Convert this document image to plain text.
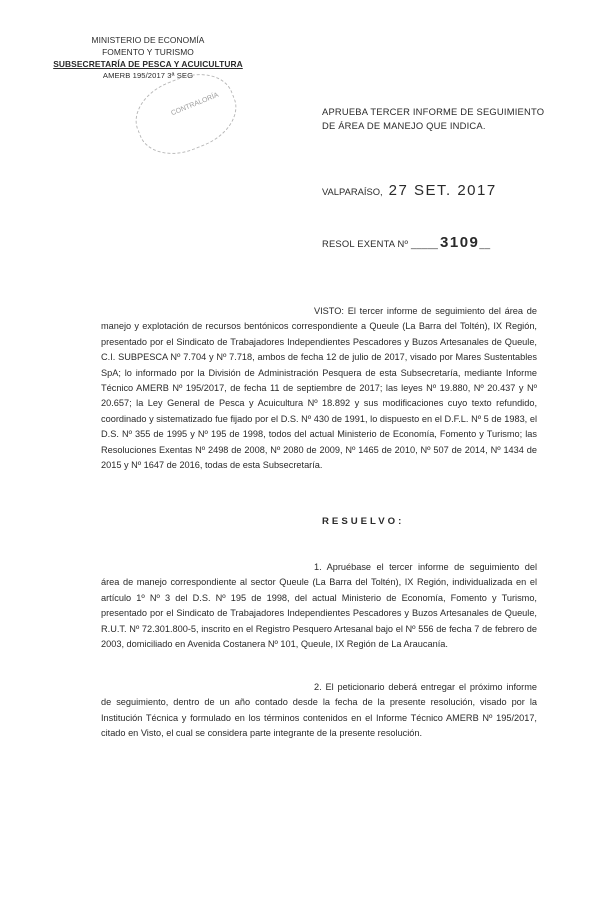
MINISTERIO DE ECONOMÍA
FOMENTO Y TURISMO
SUBSECRETARÍA DE PESCA Y ACUICULTURA
AMERB 195/2017 3ª SEG
CONTRALORÍA	APRUEBA TERCER INFORME DE SEGUIMIENTO DE ÁREA DE MANEJO QUE INDICA.
VALPARAÍSO, 27 SET. 2017
RESOL EXENTA Nº _____ 3109__
VISTO: El tercer informe de seguimiento del área de manejo y explotación de recursos bentónicos correspondiente a Queule (La Barra del Toltén), IX Región, presentado por el Sindicato de Trabajadores Independientes Pescadores y Buzos Artesanales de Queule, C.I. SUBPESCA Nº 7.704 y Nº 7.718, ambos de fecha 12 de julio de 2017, visado por Mares Sustentables SpA; lo informado por la División de Administración Pesquera de esta Subsecretaría, mediante Informe Técnico AMERB Nº 195/2017, de fecha 11 de septiembre de 2017; las leyes Nº 19.880, Nº 20.437 y Nº 20.657; la Ley General de Pesca y Acuicultura Nº 18.892 y sus modificaciones cuyo texto refundido, coordinado y sistematizado fue fijado por el D.S. Nº 430 de 1991, lo dispuesto en el D.F.L. Nº 5 de 1983, el D.S. Nº 355 de 1995 y Nº 195 de 1998, todos del actual Ministerio de Economía, Fomento y Turismo; las Resoluciones Exentas Nº 2498 de 2008, Nº 2080 de 2009, Nº 1465 de 2010, Nº 507 de 2014, Nº 1434 de 2015 y Nº 1647 de 2016, todas de esta Subsecretaría.
RESUELVO:
1. Apruébase el tercer informe de seguimiento del área de manejo correspondiente al sector Queule (La Barra del Toltén), IX Región, individualizada en el artículo 1º Nº 3 del D.S. Nº 195 de 1998, del actual Ministerio de Economía, Fomento y Turismo, presentado por el Sindicato de Trabajadores Independientes Pescadores y Buzos Artesanales de Queule, R.U.T. Nº 72.301.800-5, inscrito en el Registro Pesquero Artesanal bajo el Nº 556 de fecha 7 de febrero de 2003, domiciliado en Avenida Costanera Nº 101, Queule, IX Región de La Araucanía.
2. El peticionario deberá entregar el próximo informe de seguimiento, dentro de un año contado desde la fecha de la presente resolución, visado por la Institución Técnica y formulado en los términos contenidos en el Informe Técnico AMERB Nº 195/2017, citado en Visto, el cual se considera parte integrante de la presente resolución.
